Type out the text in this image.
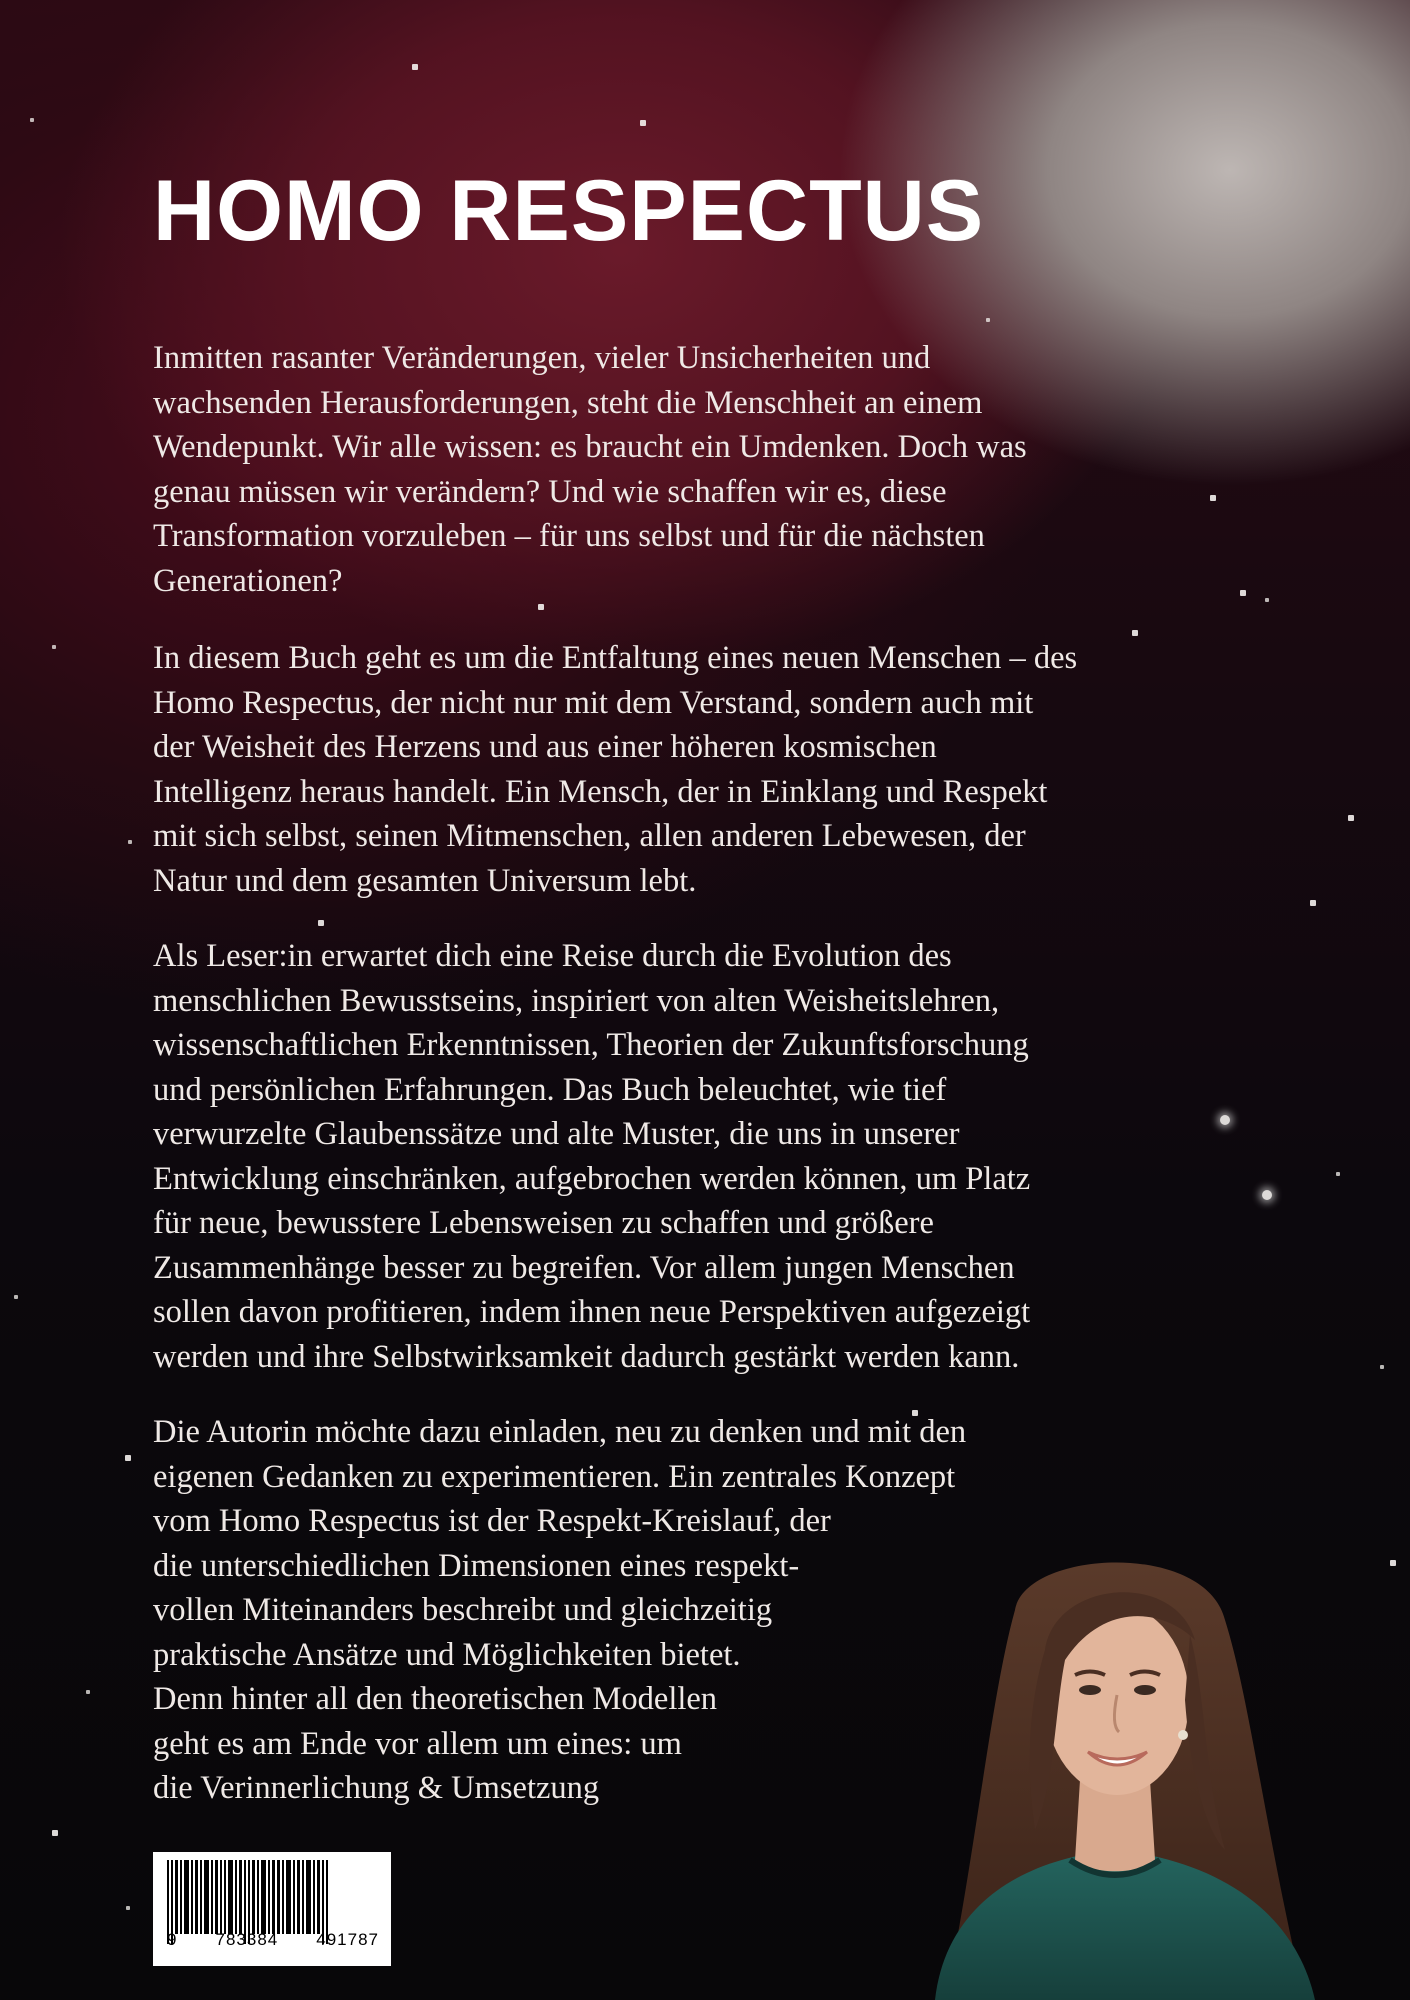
HOMO RESPECTUS

Inmitten rasanter Veränderungen, vieler Unsicherheiten und
wachsenden Herausforderungen, steht die Menschheit an einem
Wendepunkt. Wir alle wissen: es braucht ein Umdenken. Doch was
genau müssen wir verändern? Und wie schaffen wir es, diese
Transformation vorzuleben – für uns selbst und für die nächsten
Generationen?

In diesem Buch geht es um die Entfaltung eines neuen Menschen – des
Homo Respectus, der nicht nur mit dem Verstand, sondern auch mit
der Weisheit des Herzens und aus einer höheren kosmischen
Intelligenz heraus handelt. Ein Mensch, der in Einklang und Respekt
mit sich selbst, seinen Mitmenschen, allen anderen Lebewesen, der
Natur und dem gesamten Universum lebt.

Als Leser:in erwartet dich eine Reise durch die Evolution des
menschlichen Bewusstseins, inspiriert von alten Weisheitslehren,
wissenschaftlichen Erkenntnissen, Theorien der Zukunftsforschung
und persönlichen Erfahrungen. Das Buch beleuchtet, wie tief
verwurzelte Glaubenssätze und alte Muster, die uns in unserer
Entwicklung einschränken, aufgebrochen werden können, um Platz
für neue, bewusstere Lebensweisen zu schaffen und größere
Zusammenhänge besser zu begreifen. Vor allem jungen Menschen
sollen davon profitieren, indem ihnen neue Perspektiven aufgezeigt
werden und ihre Selbstwirksamkeit dadurch gestärkt werden kann.

Die Autorin möchte dazu einladen, neu zu denken und mit den
eigenen Gedanken zu experimentieren. Ein zentrales Konzept
vom Homo Respectus ist der Respekt-Kreislauf, der
die unterschiedlichen Dimensionen eines respekt-
vollen Miteinanders beschreibt und gleichzeitig
praktische Ansätze und Möglichkeiten bietet.
Denn hinter all den theoretischen Modellen
geht es am Ende vor allem um eines: um
die Verinnerlichung & Umsetzung

9 783384 491787
